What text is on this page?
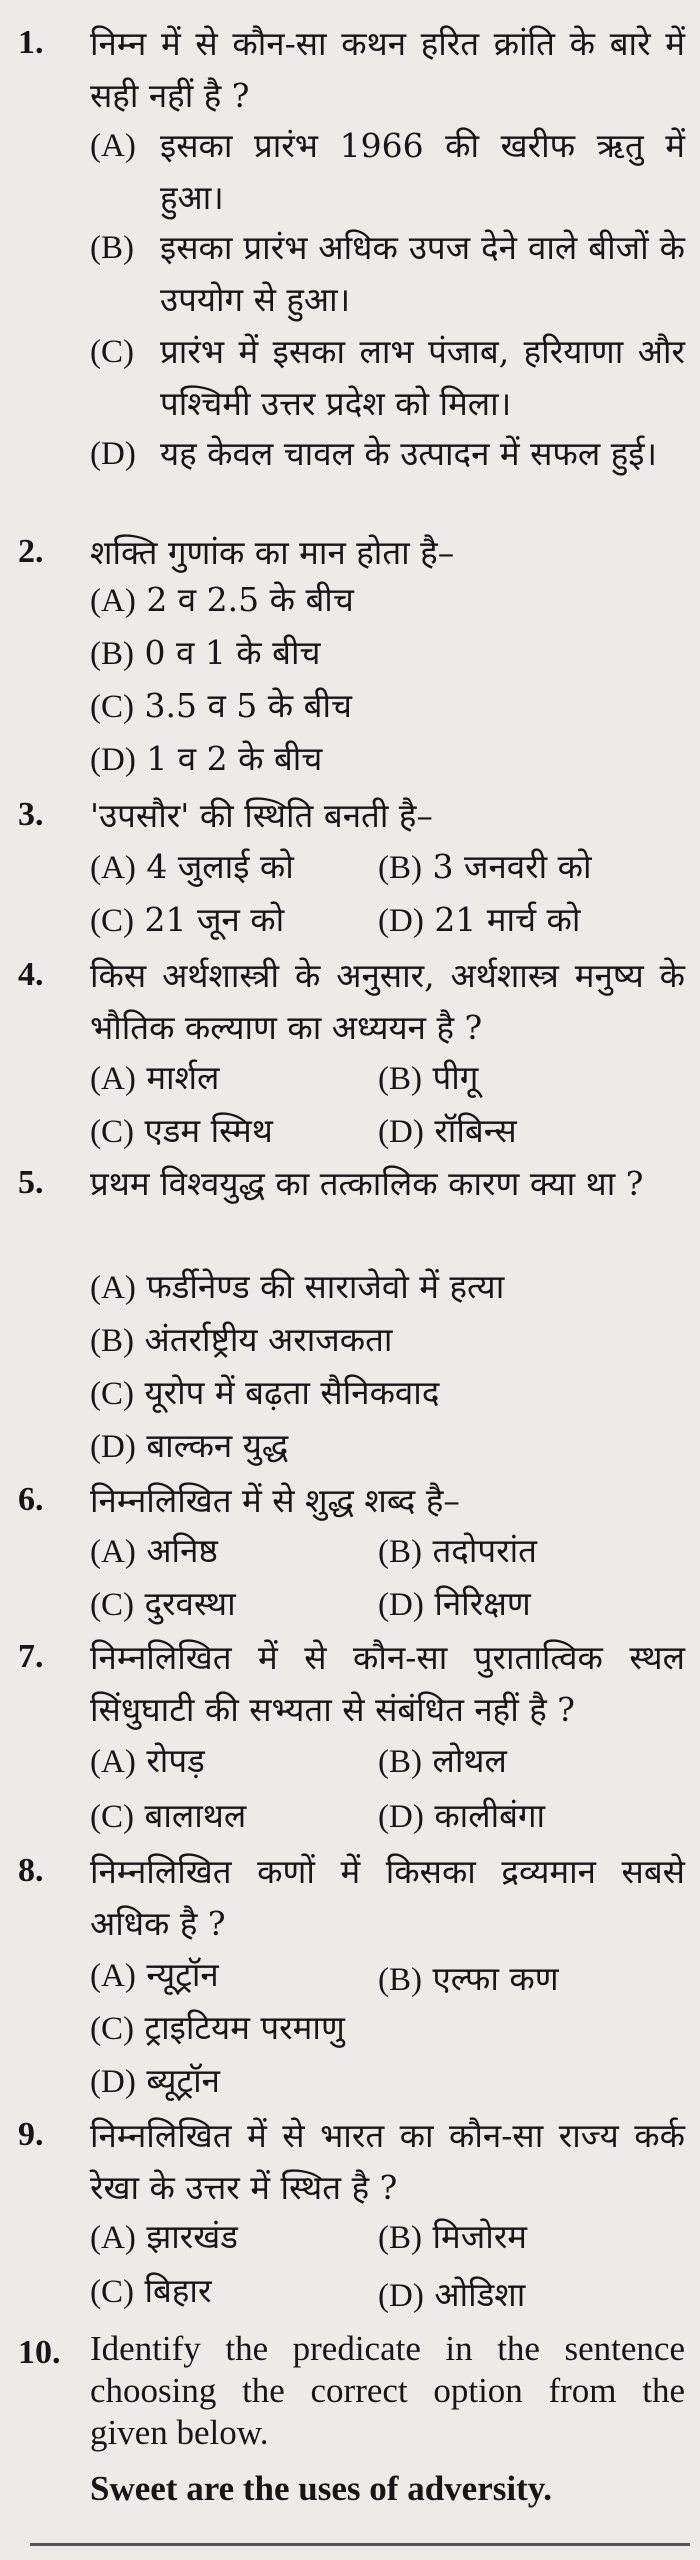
1. निम्न में से कौन-सा कथन हरित क्रांति के बारे में सही नहीं है ?

(A) इसका प्रारंभ 1966 की खरीफ ऋतु में हुआ।
(B) इसका प्रारंभ अधिक उपज देने वाले बीजों के उपयोग से हुआ।
(C) प्रारंभ में इसका लाभ पंजाब, हरियाणा और पश्चिमी उत्तर प्रदेश को मिला।
(D) यह केवल चावल के उत्पादन में सफल हुई।
2. शक्ति गुणांक का मान होता है–

(A) 2 व 2.5 के बीच
(B) 0 व 1 के बीच
(C) 3.5 व 5 के बीच
(D) 1 व 2 के बीच
3. 'उपसौर' की स्थिति बनती है–

(A) 4 जुलाई को	(B) 3 जनवरी को
(C) 21 जून को	(D) 21 मार्च को
4. किस अर्थशास्त्री के अनुसार, अर्थशास्त्र मनुष्य के भौतिक कल्याण का अध्ययन है ?

(A) मार्शल	(B) पीगू
(C) एडम स्मिथ	(D) रॉबिन्स
5. प्रथम विश्वयुद्ध का तत्कालिक कारण क्या था ?

(A) फर्डीनेण्ड की साराजेवो में हत्या
(B) अंतर्राष्ट्रीय अराजकता
(C) यूरोप में बढ़ता सैनिकवाद
(D) बाल्कन युद्ध
6. निम्नलिखित में से शुद्ध शब्द है–

(A) अनिष्ठ	(B) तदोपरांत
(C) दुरवस्था	(D) निरिक्षण
7. निम्नलिखित में से कौन-सा पुरातात्विक स्थल सिंधुघाटी की सभ्यता से संबंधित नहीं है ?

(A) रोपड़	(B) लोथल
(C) बालाथल	(D) कालीबंगा
8. निम्नलिखित कणों में किसका द्रव्यमान सबसे अधिक है ?

(A) न्यूट्रॉन	(B) एल्फा कण
(C) ट्राइटियम परमाणु
(D) ब्यूट्रॉन
9. निम्नलिखित में से भारत का कौन-सा राज्य कर्क रेखा के उत्तर में स्थित है ?

(A) झारखंड	(B) मिजोरम
(C) बिहार	(D) ओडिशा
10. Identify the predicate in the sentence choosing the correct option from the given below.

Sweet are the uses of adversity.
